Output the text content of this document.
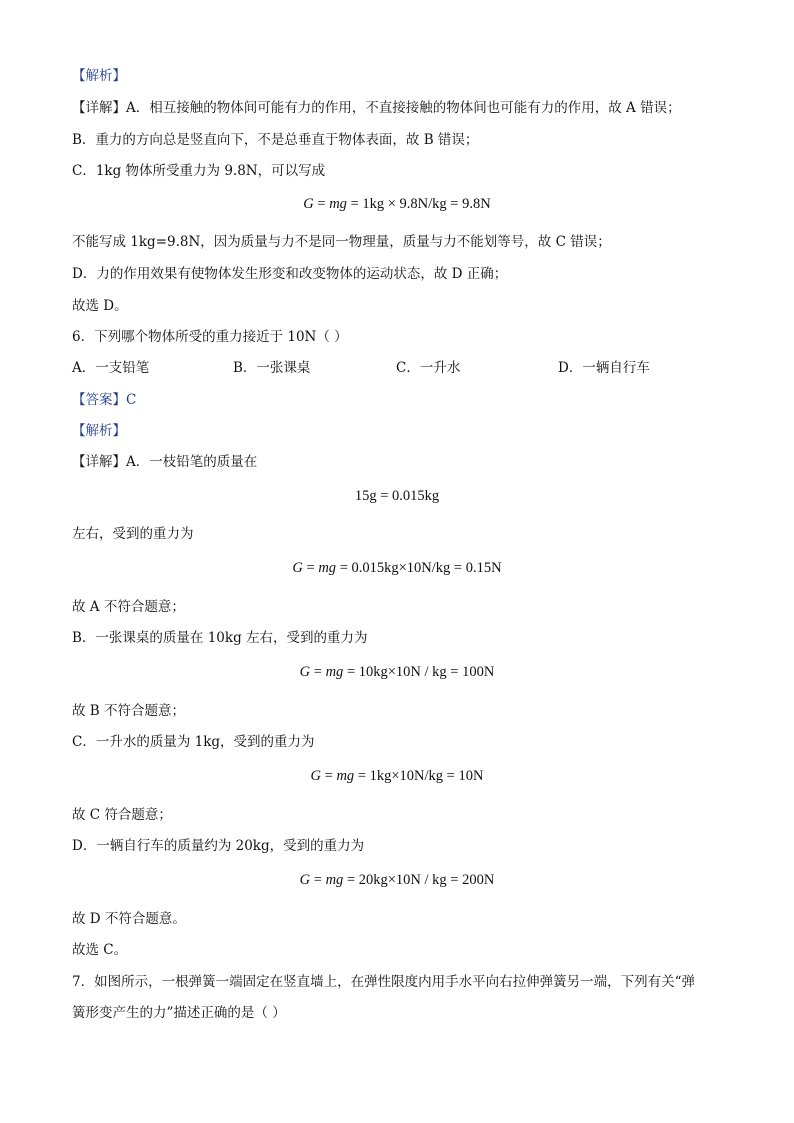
【解析】
【详解】A．相互接触的物体间可能有力的作用，不直接接触的物体间也可能有力的作用，故 A 错误；
B．重力的方向总是竖直向下，不是总垂直于物体表面，故 B 错误；
C．1kg 物体所受重力为 9.8N，可以写成
G = mg = 1kg × 9.8N/kg = 9.8N
不能写成 1kg=9.8N，因为质量与力不是同一物理量，质量与力不能划等号，故 C 错误；
D．力的作用效果有使物体发生形变和改变物体的运动状态，故 D 正确；
故选 D。
6．下列哪个物体所受的重力接近于 10N（ ）
A．一支铅笔	B．一张课桌	C．一升水	D．一辆自行车
【答案】C
【解析】
【详解】A．一枝铅笔的质量在
15g = 0.015kg
左右，受到的重力为
G = mg = 0.015kg×10N/kg = 0.15N
故 A 不符合题意；
B．一张课桌的质量在 10kg 左右，受到的重力为
G = mg = 10kg×10N / kg = 100N
故 B 不符合题意；
C．一升水的质量为 1kg，受到的重力为
G = mg = 1kg×10N/kg = 10N
故 C 符合题意；
D．一辆自行车的质量约为 20kg，受到的重力为
G = mg = 20kg×10N / kg = 200N
故 D 不符合题意。
故选 C。
7．如图所示，一根弹簧一端固定在竖直墙上，在弹性限度内用手水平向右拉伸弹簧另一端，下列有关“弹
簧形变产生的力”描述正确的是（ ）
